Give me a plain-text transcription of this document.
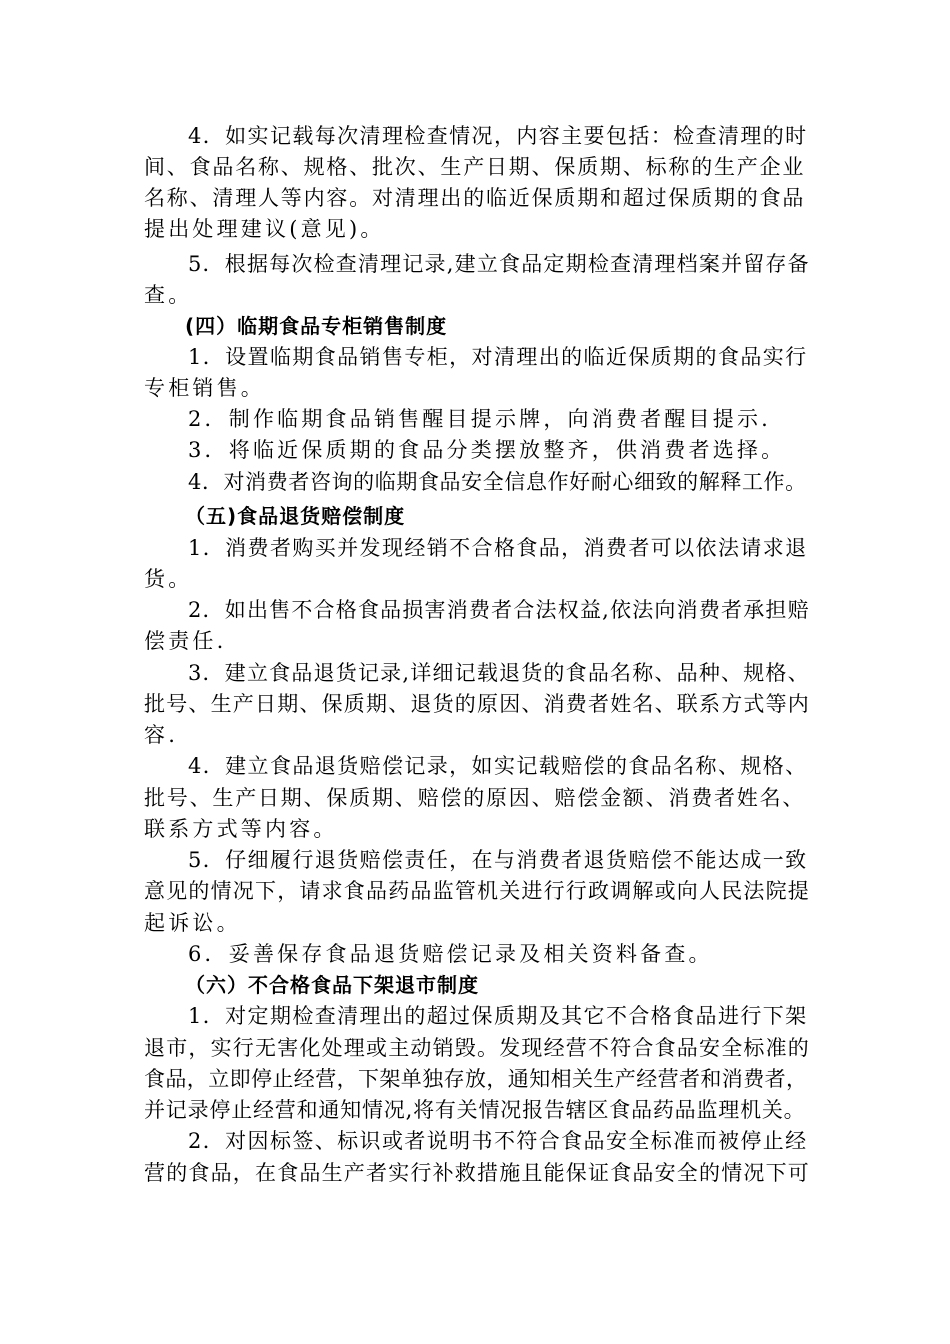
4．如实记载每次清理检查情况，内容主要包括：检查清理的时
间、食品名称、规格、批次、生产日期、保质期、标称的生产企业
名称、清理人等内容。对清理出的临近保质期和超过保质期的食品
提出处理建议(意见)。
5．根据每次检查清理记录,建立食品定期检查清理档案并留存备
查。
(四）临期食品专柜销售制度
1．设置临期食品销售专柜，对清理出的临近保质期的食品实行
专柜销售。
2．制作临期食品销售醒目提示牌，向消费者醒目提示.
3．将临近保质期的食品分类摆放整齐，供消费者选择。
4．对消费者咨询的临期食品安全信息作好耐心细致的解释工作。
（五)食品退货赔偿制度
1．消费者购买并发现经销不合格食品，消费者可以依法请求退
货。
2．如出售不合格食品损害消费者合法权益,依法向消费者承担赔
偿责任.
3．建立食品退货记录,详细记载退货的食品名称、品种、规格、
批号、生产日期、保质期、退货的原因、消费者姓名、联系方式等内
容.
4．建立食品退货赔偿记录，如实记载赔偿的食品名称、规格、
批号、生产日期、保质期、赔偿的原因、赔偿金额、消费者姓名、
联系方式等内容。
5．仔细履行退货赔偿责任，在与消费者退货赔偿不能达成一致
意见的情况下，请求食品药品监管机关进行行政调解或向人民法院提
起诉讼。
6．妥善保存食品退货赔偿记录及相关资料备查。
（六）不合格食品下架退市制度
1．对定期检查清理出的超过保质期及其它不合格食品进行下架
退市，实行无害化处理或主动销毁。发现经营不符合食品安全标准的
食品，立即停止经营，下架单独存放，通知相关生产经营者和消费者，
并记录停止经营和通知情况,将有关情况报告辖区食品药品监理机关。
2．对因标签、标识或者说明书不符合食品安全标准而被停止经
营的食品，在食品生产者实行补救措施且能保证食品安全的情况下可
